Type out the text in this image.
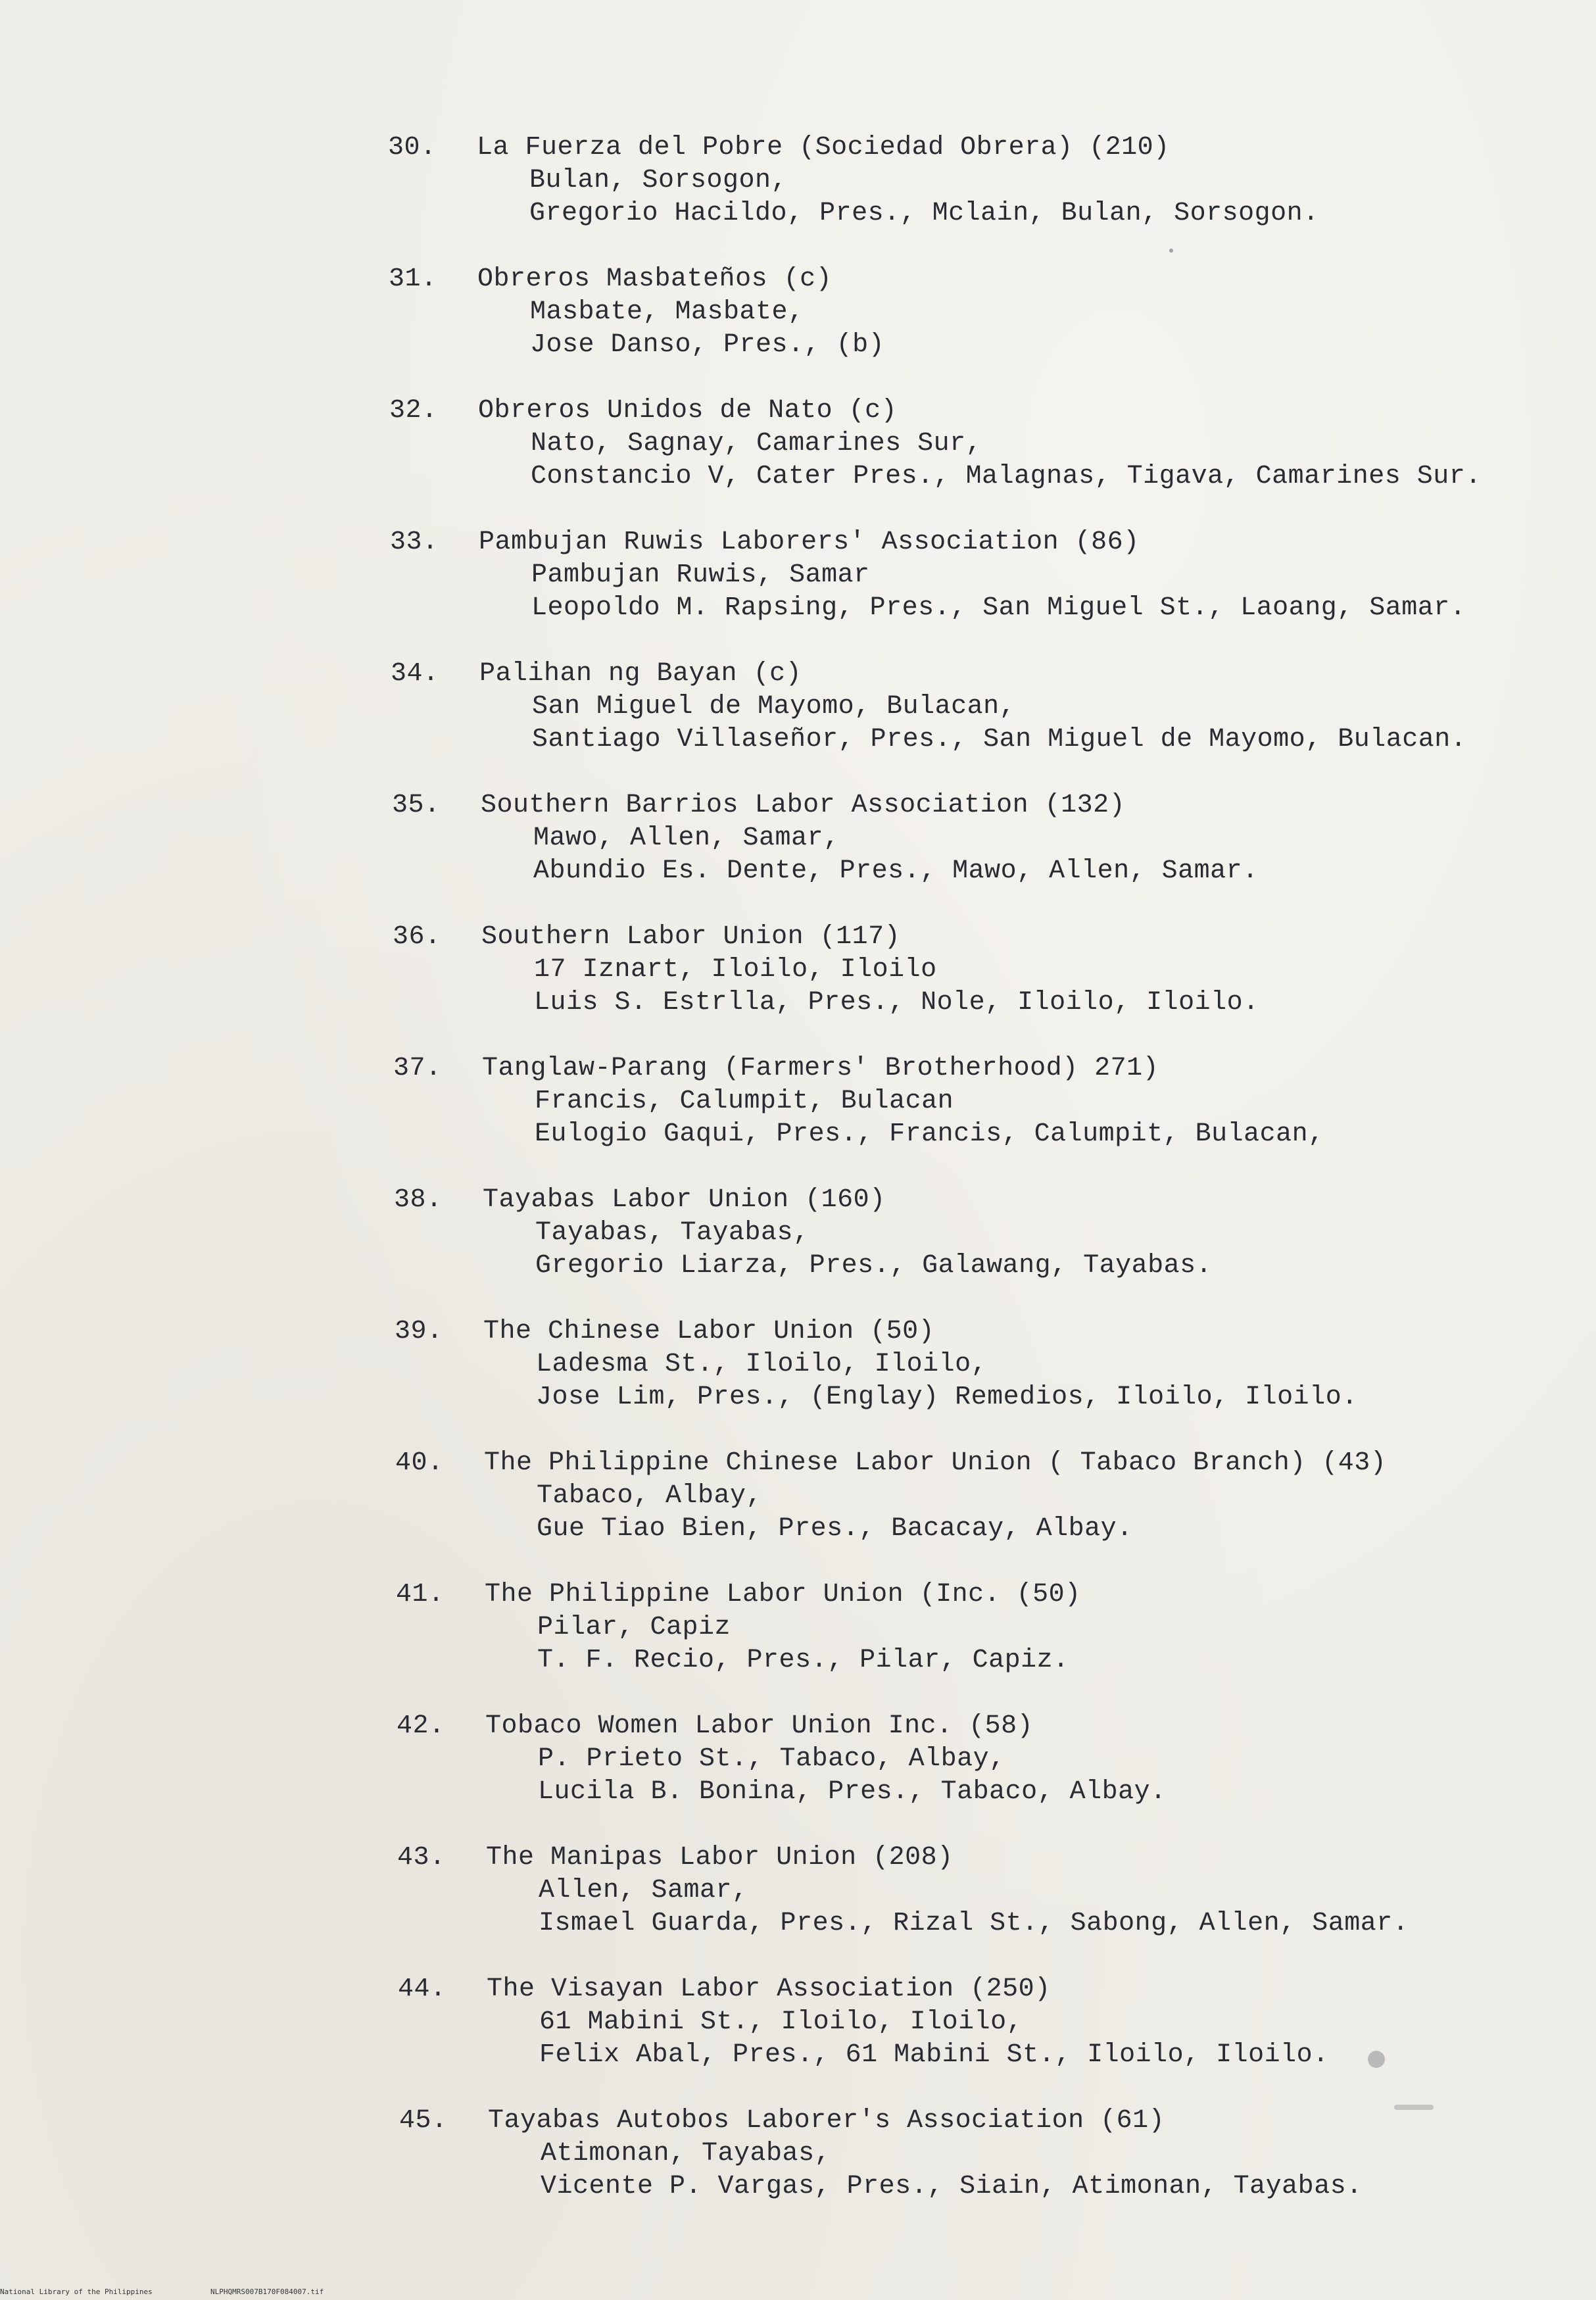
30.	La Fuerza del Pobre (Sociedad Obrera) (210)
Bulan, Sorsogon,
Gregorio Hacildo, Pres., Mclain, Bulan, Sorsogon.
31.	Obreros Masbateños (c)
Masbate, Masbate,
Jose Danso, Pres., (b)
32.	Obreros Unidos de Nato (c)
Nato, Sagnay, Camarines Sur,
Constancio V, Cater Pres., Malagnas, Tigava, Camarines Sur.
33.	Pambujan Ruwis Laborers' Association (86)
Pambujan Ruwis, Samar
Leopoldo M. Rapsing, Pres., San Miguel St., Laoang, Samar.
34.	Palihan ng Bayan (c)
San Miguel de Mayomo, Bulacan,
Santiago Villaseñor, Pres., San Miguel de Mayomo, Bulacan.
35.	Southern Barrios Labor Association (132)
Mawo, Allen, Samar,
Abundio Es. Dente, Pres., Mawo, Allen, Samar.
36.	Southern Labor Union (117)
17 Iznart, Iloilo, Iloilo
Luis S. Estrlla, Pres., Nole, Iloilo, Iloilo.
37.	Tanglaw-Parang (Farmers' Brotherhood) 271)
Francis, Calumpit, Bulacan
Eulogio Gaqui, Pres., Francis, Calumpit, Bulacan,
38.	Tayabas Labor Union (160)
Tayabas, Tayabas,
Gregorio Liarza, Pres., Galawang, Tayabas.
39.	The Chinese Labor Union (50)
Ladesma St., Iloilo, Iloilo,
Jose Lim, Pres., (Englay) Remedios, Iloilo, Iloilo.
40.	The Philippine Chinese Labor Union ( Tabaco Branch) (43)
Tabaco, Albay,
Gue Tiao Bien, Pres., Bacacay, Albay.
41.	The Philippine Labor Union (Inc. (50)
Pilar, Capiz
T. F. Recio, Pres., Pilar, Capiz.
42.	Tobaco Women Labor Union Inc. (58)
P. Prieto St., Tabaco, Albay,
Lucila B. Bonina, Pres., Tabaco, Albay.
43.	The Manipas Labor Union (208)
Allen, Samar,
Ismael Guarda, Pres., Rizal St., Sabong, Allen, Samar.
44.	The Visayan Labor Association (250)
61 Mabini St., Iloilo, Iloilo,
Felix Abal, Pres., 61 Mabini St., Iloilo, Iloilo.
45.	Tayabas Autobos Laborer's Association (61)
Atimonan, Tayabas,
Vicente P. Vargas, Pres., Siain, Atimonan, Tayabas.
National Library of the Philippines	NLPHQMRS007B170F084007.tif
